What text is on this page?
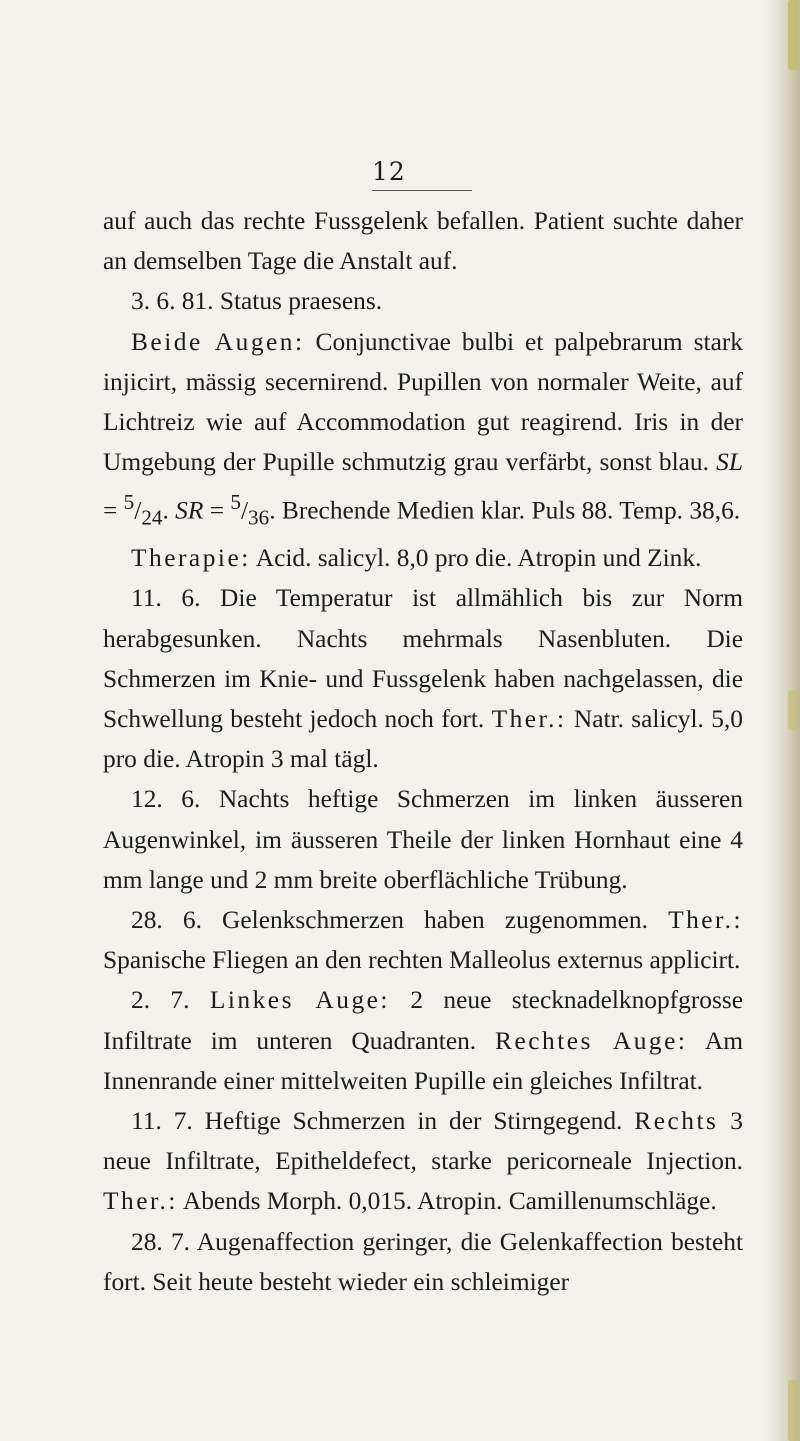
12

auf auch das rechte Fussgelenk befallen. Patient suchte daher an demselben Tage die Anstalt auf.

3. 6. 81. Status praesens.

Beide Augen: Conjunctivae bulbi et palpebrarum stark injicirt, mässig secernirend. Pupillen von normaler Weite, auf Lichtreiz wie auf Accommodation gut reagirend. Iris in der Umgebung der Pupille schmutzig grau verfärbt, sonst blau. SL = $^5/_{24}$. SR = $^5/_{36}$. Brechende Medien klar. Puls 88. Temp. 38,6.

Therapie: Acid. salicyl. 8,0 pro die. Atropin und Zink.

11. 6. Die Temperatur ist allmählich bis zur Norm herabgesunken. Nachts mehrmals Nasenbluten. Die Schmerzen im Knie- und Fussgelenk haben nachgelassen, die Schwellung besteht jedoch noch fort. Ther.: Natr. salicyl. 5,0 pro die. Atropin 3 mal tägl.

12. 6. Nachts heftige Schmerzen im linken äusseren Augenwinkel, im äusseren Theile der linken Hornhaut eine 4 mm lange und 2 mm breite oberflächliche Trübung.

28. 6. Gelenkschmerzen haben zugenommen. Ther.: Spanische Fliegen an den rechten Malleolus externus applicirt.

2. 7. Linkes Auge: 2 neue stecknadelknopfgrosse Infiltrate im unteren Quadranten. Rechtes Auge: Am Innenrande einer mittelweiten Pupille ein gleiches Infiltrat.

11. 7. Heftige Schmerzen in der Stirngegend. Rechts 3 neue Infiltrate, Epitheldefect, starke pericorneale Injection. Ther.: Abends Morph. 0,015. Atropin. Camillenumschläge.

28. 7. Augenaffection geringer, die Gelenkaffection besteht fort. Seit heute besteht wieder ein schleimiger
